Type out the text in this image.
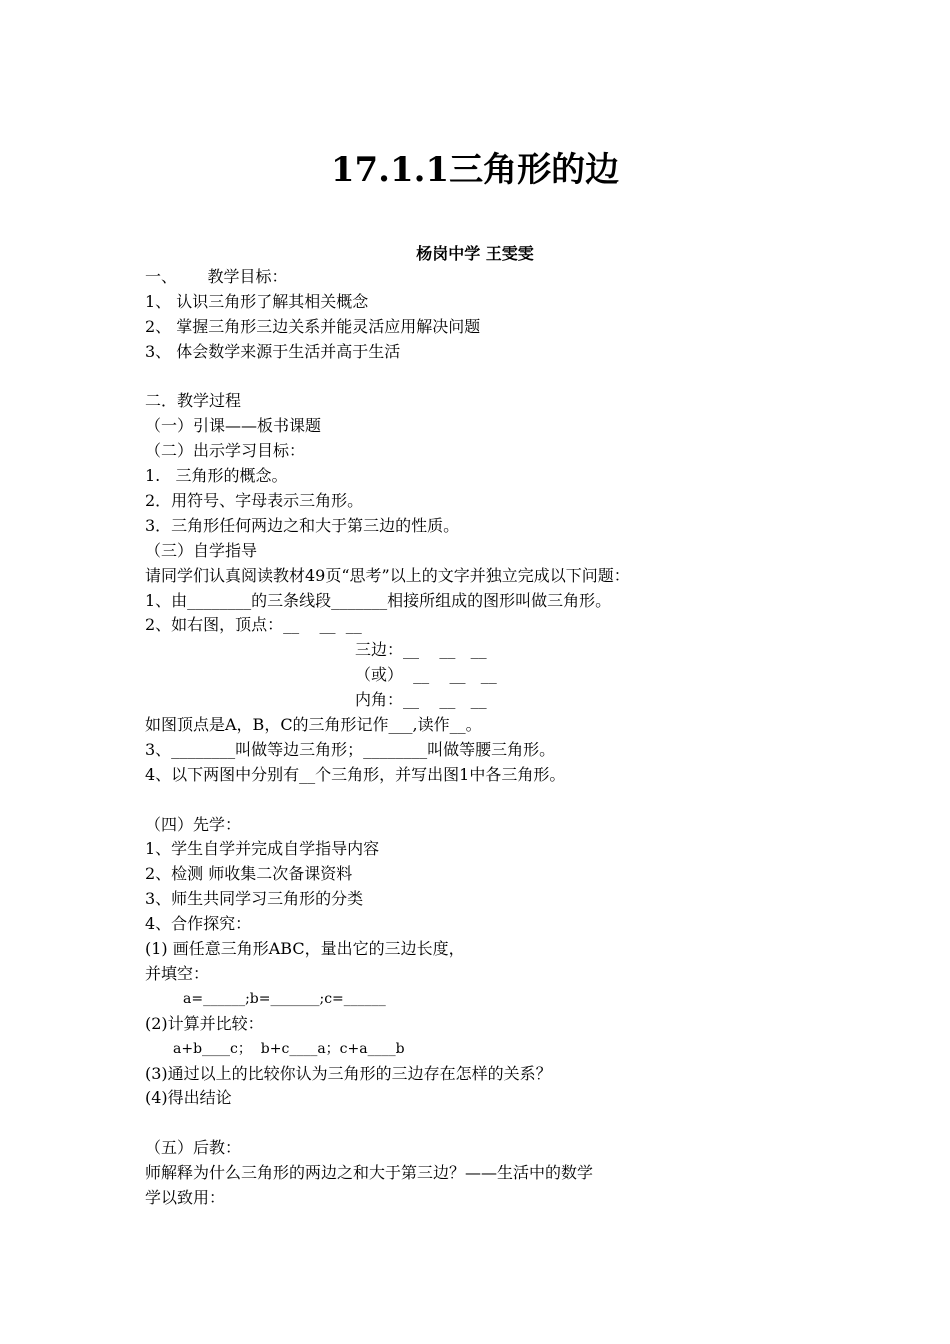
17.1.1三角形的边
杨岗中学 王雯雯
一、      教学目标：
1、 认识三角形了解其相关概念
2、 掌握三角形三边关系并能灵活应用解决问题
3、 体会数学来源于生活并高于生活
二．教学过程
（一）引课——板书课题
（二）出示学习目标：
1.   三角形的概念。
2．用符号、字母表示三角形。
3．三角形任何两边之和大于第三边的性质。
（三）自学指导
请同学们认真阅读教材49页“思考”以上的文字并独立完成以下问题：
1、由________的三条线段_______相接所组成的图形叫做三角形。
2、如右图，顶点：__    __  __
三边：__    __   __
（或）  __    __   __
内角：__    __   __
如图顶点是A，B，C的三角形记作___,读作__。
3、________叫做等边三角形；________叫做等腰三角形。
4、以下两图中分别有__个三角形，并写出图1中各三角形。
（四）先学：
1、学生自学并完成自学指导内容
2、检测 师收集二次备课资料
3、师生共同学习三角形的分类
4、合作探究：
(1) 画任意三角形ABC，量出它的三边长度，
并填空：
a=______;b=_______;c=______
(2)计算并比较：
a+b____c；  b+c____a；c+a____b
(3)通过以上的比较你认为三角形的三边存在怎样的关系？
(4)得出结论
（五）后教：
师解释为什么三角形的两边之和大于第三边？——生活中的数学
学以致用：
